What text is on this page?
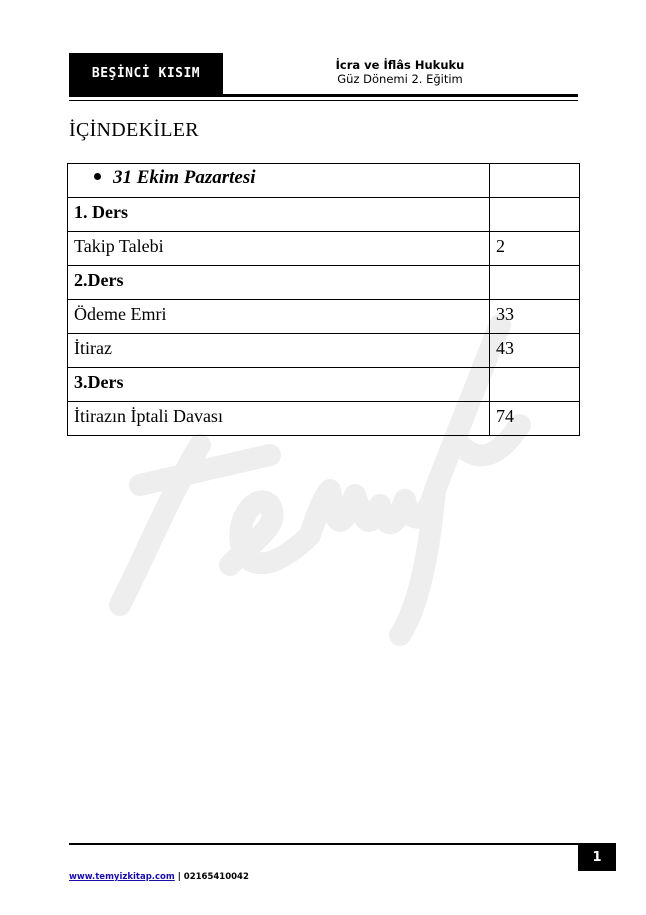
BEŞİNCİ KISIM
İcra ve İflâs Hukuku
Güz Dönemi 2. Eğitim
İÇİNDEKİLER
31 Ekim Pazartesi	
1. Ders	
Takip Talebi	2
2.Ders	
Ödeme Emri	33
İtiraz	43
3.Ders	
İtirazın İptali Davası	74
1
www.temyizkitap.com | 02165410042
